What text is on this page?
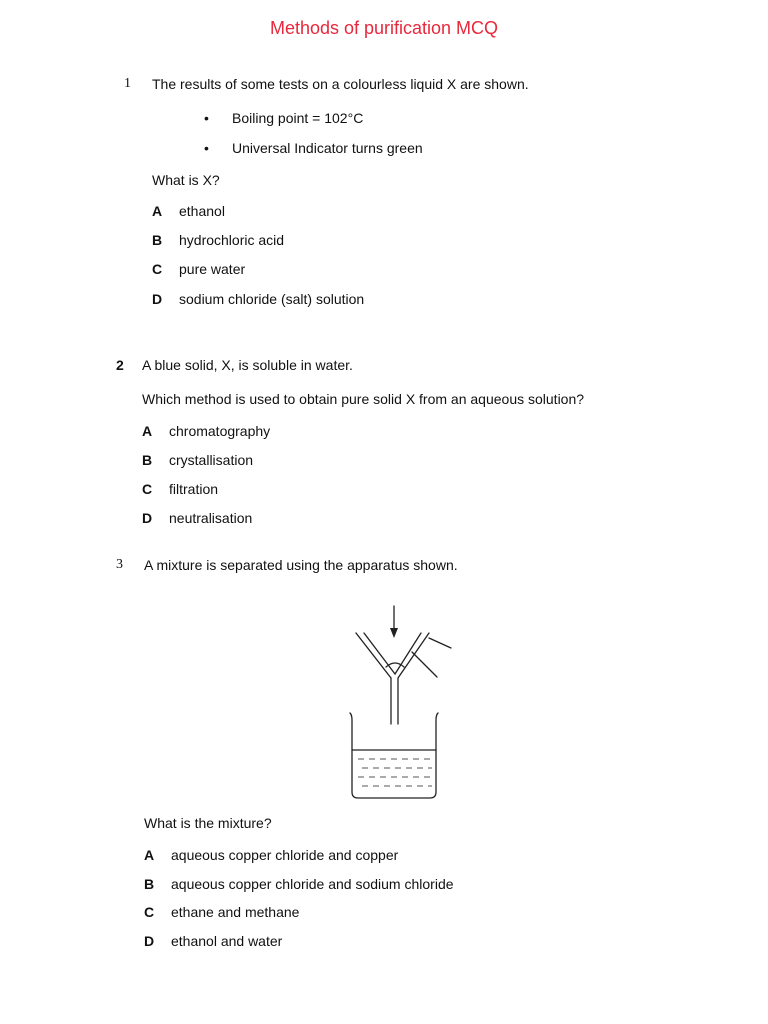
Methods of purification MCQ
1 The results of some tests on a colourless liquid X are shown.
• Boiling point = 102°C
• Universal Indicator turns green
What is X?
A ethanol
B hydrochloric acid
C pure water
D sodium chloride (salt) solution
2 A blue solid, X, is soluble in water.
Which method is used to obtain pure solid X from an aqueous solution?
A chromatography
B crystallisation
C filtration
D neutralisation
3 A mixture is separated using the apparatus shown.
What is the mixture?
A aqueous copper chloride and copper
B aqueous copper chloride and sodium chloride
C ethane and methane
D ethanol and water
